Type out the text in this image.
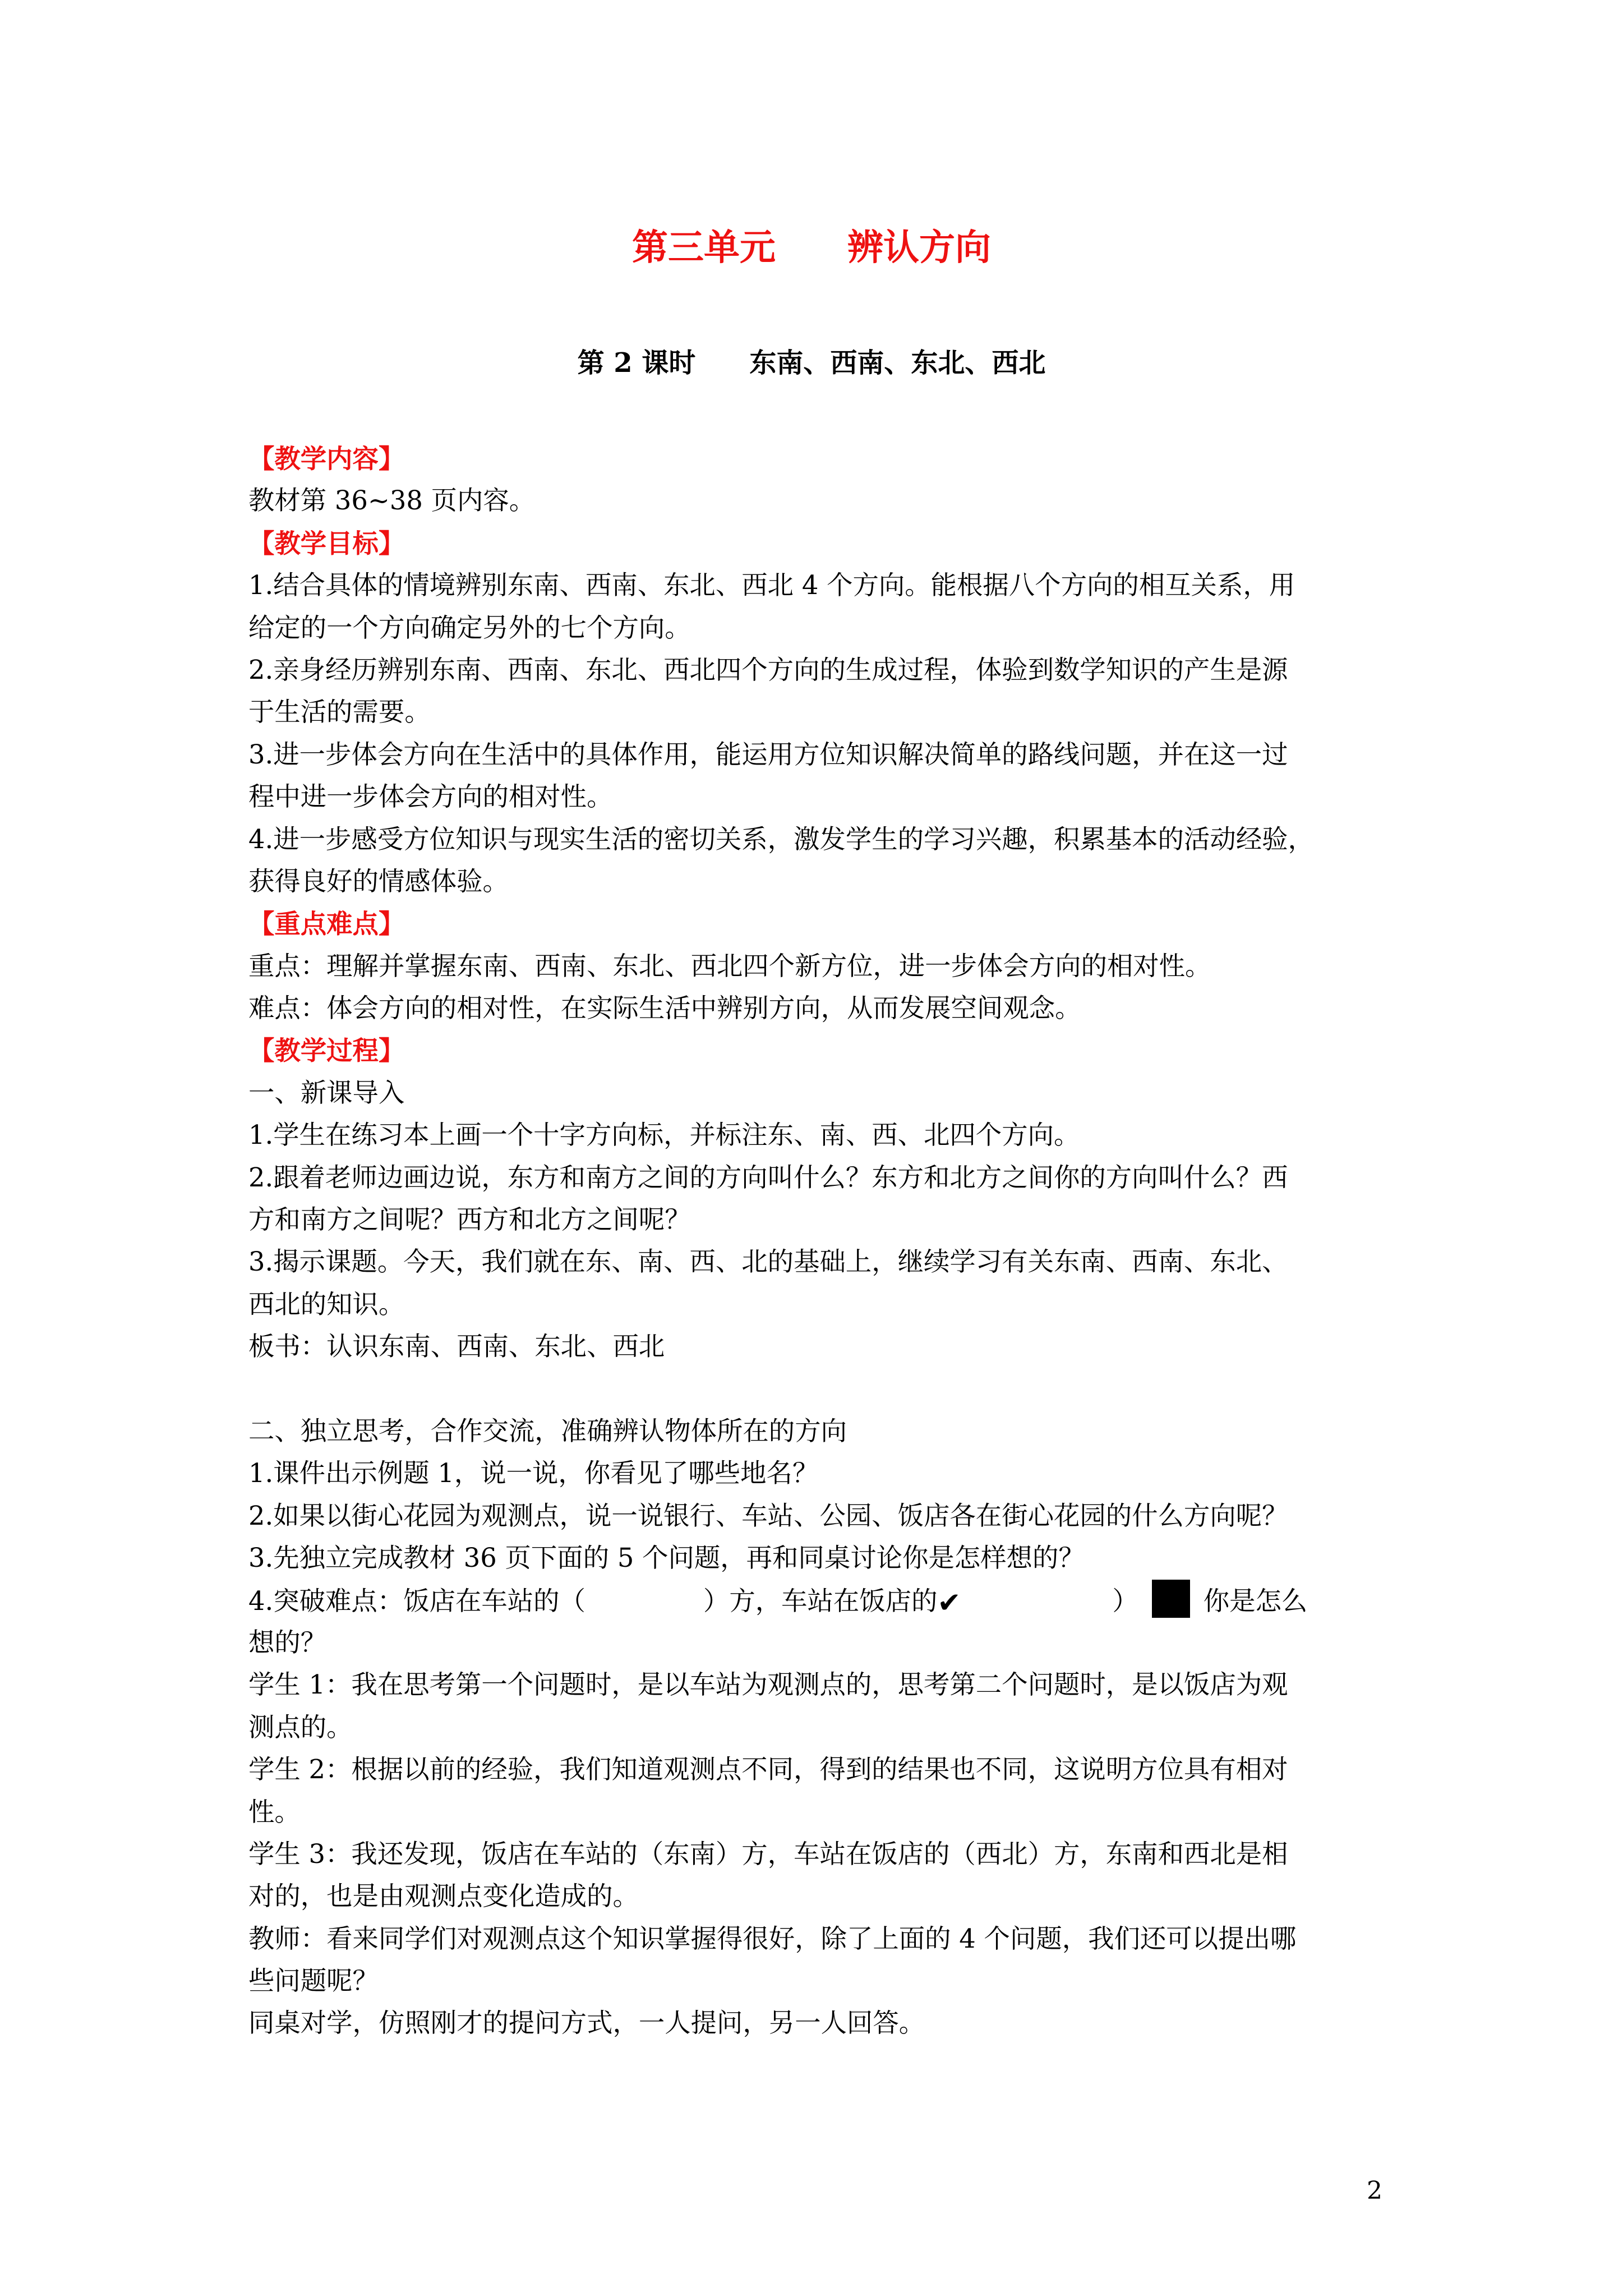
第三单元　　辨认方向
第 2 课时　　东南、西南、东北、西北
【教学内容】
教材第 36~38 页内容。
【教学目标】
1.结合具体的情境辨别东南、西南、东北、西北 4 个方向。能根据八个方向的相互关系，用
给定的一个方向确定另外的七个方向。
2.亲身经历辨别东南、西南、东北、西北四个方向的生成过程，体验到数学知识的产生是源
于生活的需要。
3.进一步体会方向在生活中的具体作用，能运用方位知识解决简单的路线问题，并在这一过
程中进一步体会方向的相对性。
4.进一步感受方位知识与现实生活的密切关系，激发学生的学习兴趣，积累基本的活动经验，
获得良好的情感体验。
【重点难点】
重点：理解并掌握东南、西南、东北、西北四个新方位，进一步体会方向的相对性。
难点：体会方向的相对性，在实际生活中辨别方向，从而发展空间观念。
【教学过程】
一、新课导入
1.学生在练习本上画一个十字方向标，并标注东、南、西、北四个方向。
2.跟着老师边画边说，东方和南方之间的方向叫什么？东方和北方之间你的方向叫什么？西
方和南方之间呢？西方和北方之间呢？
3.揭示课题。今天，我们就在东、南、西、北的基础上，继续学习有关东南、西南、东北、
西北的知识。
板书：认识东南、西南、东北、西北
二、独立思考，合作交流，准确辨认物体所在的方向
1.课件出示例题 1，说一说，你看见了哪些地名？
2.如果以街心花园为观测点，说一说银行、车站、公园、饭店各在街心花园的什么方向呢？
3.先独立完成教材 36 页下面的 5 个问题，再和同桌讨论你是怎样想的？
4.突破难点：饭店在车站的（	）方，车站在饭店的✔	）	你是怎么
想的？
学生 1：我在思考第一个问题时，是以车站为观测点的，思考第二个问题时，是以饭店为观
测点的。
学生 2：根据以前的经验，我们知道观测点不同，得到的结果也不同，这说明方位具有相对
性。
学生 3：我还发现，饭店在车站的（东南）方，车站在饭店的（西北）方，东南和西北是相
对的，也是由观测点变化造成的。
教师：看来同学们对观测点这个知识掌握得很好，除了上面的 4 个问题，我们还可以提出哪
些问题呢？
同桌对学，仿照刚才的提问方式，一人提问，另一人回答。
2
